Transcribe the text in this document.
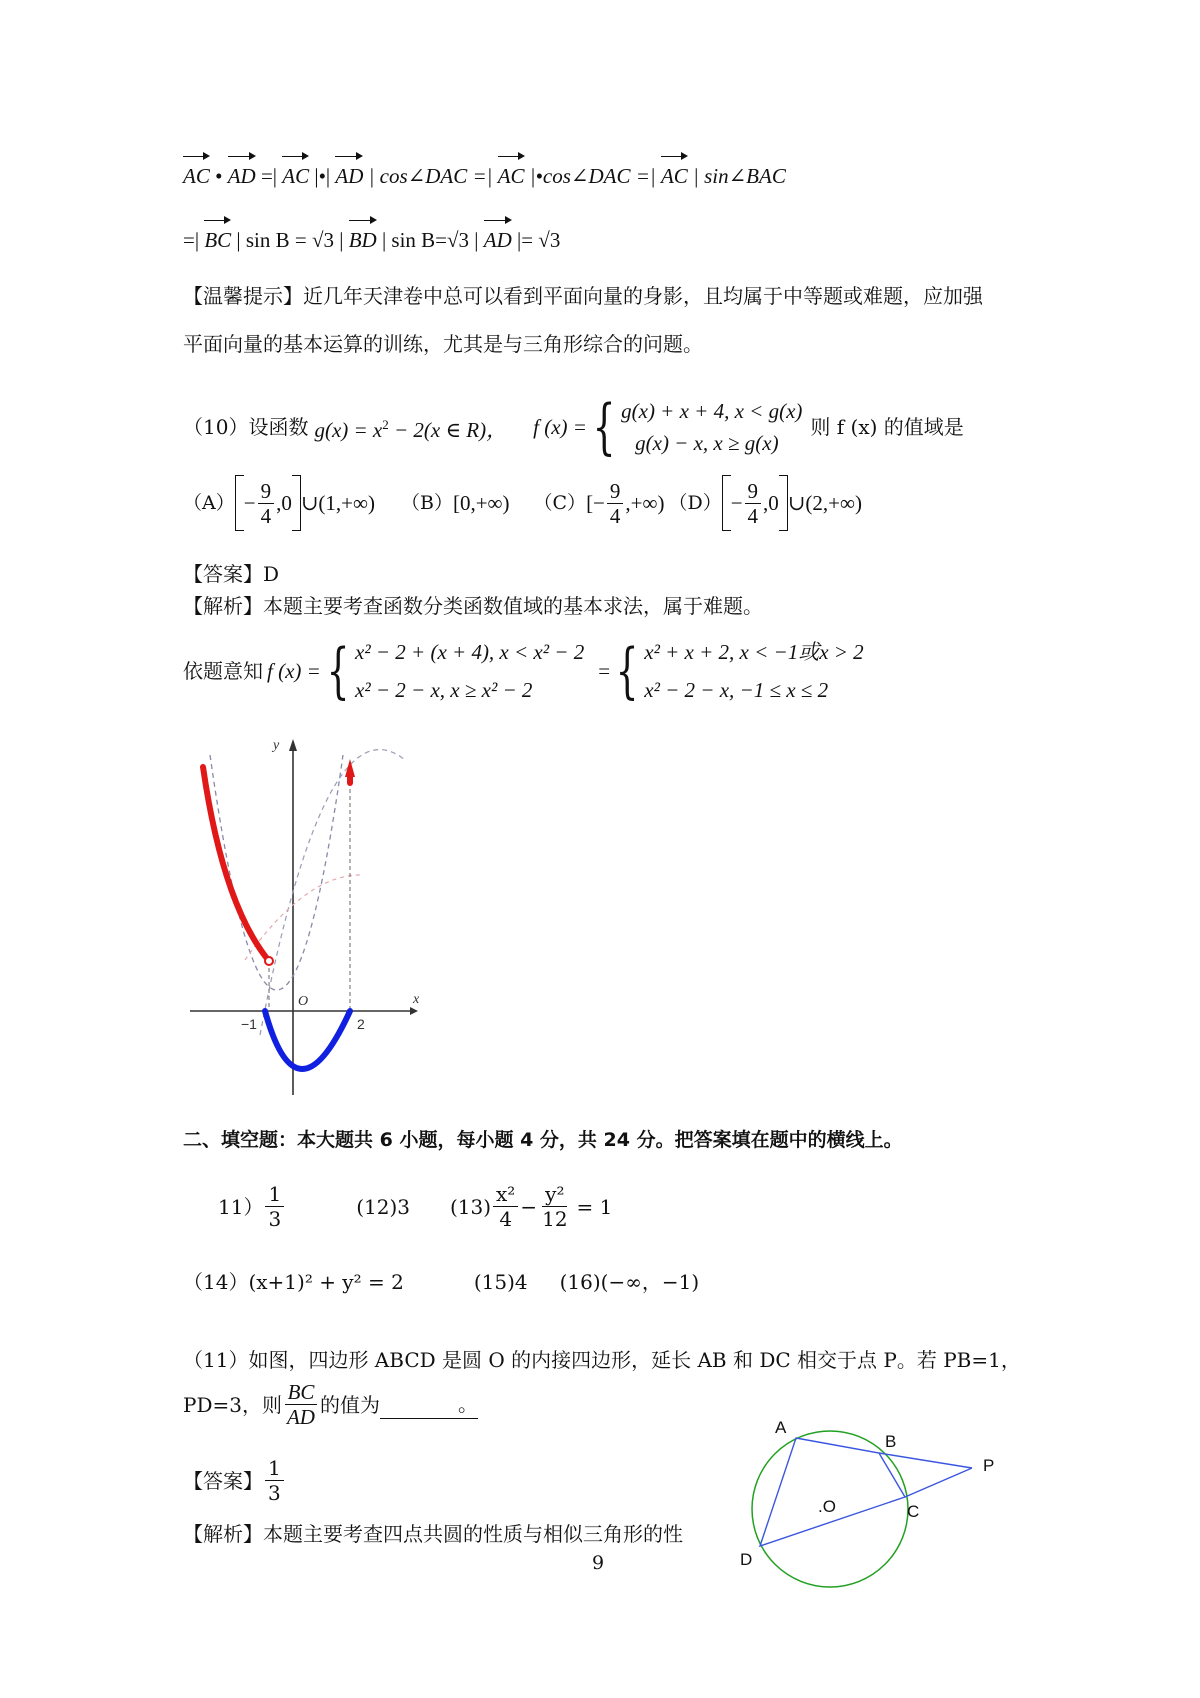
AC • AD =| AC |•| AD | cos∠DAC =| AC |•cos∠DAC =| AC | sin∠BAC
=| BC | sin B = √3 | BD | sin B=√3 | AD |= √3
【温馨提示】近几年天津卷中总可以看到平面向量的身影，且均属于中等题或难题，应加强
平面向量的基本运算的训练，尤其是与三角形综合的问题。
（10）设函数 $g(x) = x^2 - 2(x$ ∈ R)， f (x) = { g(x) + x + 4, x < g(x)
g(x) − x, x ≥ g(x)
则 f (x) 的值域是
$(A) - \frac{9}{4} ,0$ ∪(1,+∞) （B） [0,+∞) （C） [− $\frac{9}{4}$ ,+∞) $(D) - \frac{9}{4} ,0$ ∪(2,+∞)
【答案】D
【解析】本题主要考查函数分类函数值域的基本求法，属于难题。
依题意知 f (x) = { x² − 2 + (x + 4), x < x² − 2
x² − 2 − x, x ≥ x² − 2
= { x² + x + 2, x < −1或x > 2
x² − 2 − x, −1 ≤ x ≤ 2
y
x
O
−1	2
二、填空题：本大题共 6 小题，每小题 4 分，共 24 分。把答案填在题中的横线上。
$11) \frac{1}{3}$	(12)3 $(13) \frac{\text{x²}}{4} - \frac{\text{y²}}{12} = 1$
（14） (x+1)² + y² = 2	(15)4 (16)(−∞，−1)
（11）如图，四边形 ABCD 是圆 O 的内接四边形，延长 AB 和 DC 相交于点 P。若 PB=1，
PD=3，则 $\frac{BC}{AD}$ 的值为	。
【答案】 $\frac{1}{3}$
【解析】本题主要考查四点共圆的性质与相似三角形的性
A
B
P
C
D
.O
9
